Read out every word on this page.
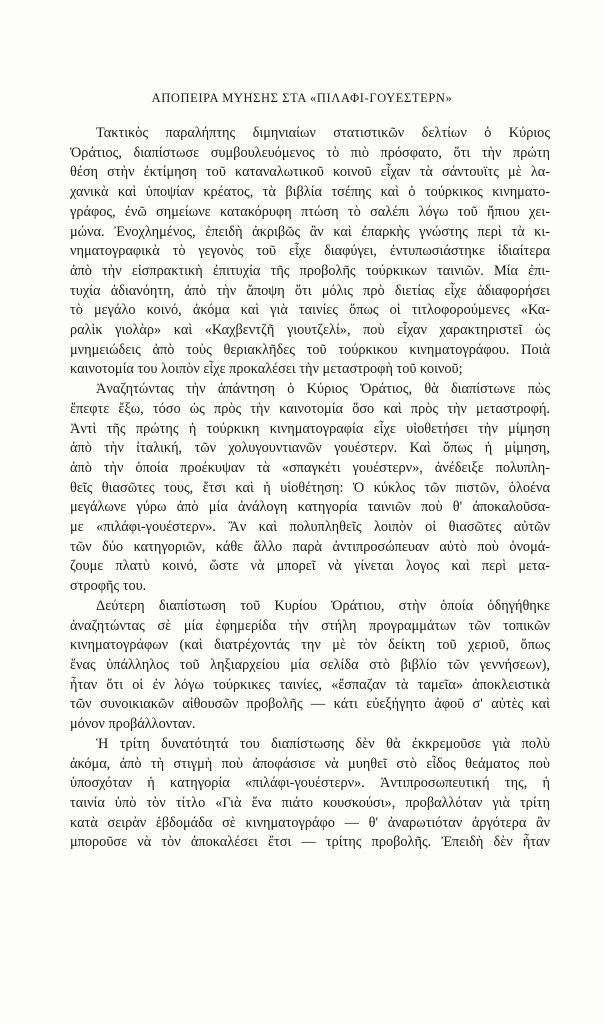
ΑΠΟΠΕΙΡΑ ΜΥΗΣΗΣ ΣΤΑ «ΠΙΛΑΦΙ-ΓΟΥΕΣΤΕΡΝ»

Τακτικὸς παραλήπτης διμηνιαίων στατιστικῶν δελτίων ὁ Κύριος
Ὁράτιος, διαπίστωσε συμβουλευόμενος τὸ πιὸ πρόσφατο, ὅτι τὴν πρώτη
θέση στὴν ἐκτίμηση τοῦ καταναλωτικοῦ κοινοῦ εἶχαν τὰ σάντουϊτς μὲ λα-
χανικὰ καὶ ὑποψίαν κρέατος, τὰ βιβλία τσέπης καὶ ὁ τούρκικος κινηματο-
γράφος, ἐνῶ σημείωνε κατακόρυφη πτώση τὸ σαλέπι λόγω τοῦ ἤπιου χει-
μώνα. Ἐνοχλημένος, ἐπειδὴ ἀκριβῶς ἂν καὶ ἐπαρκὴς γνώστης περὶ τὰ κι-
νηματογραφικὰ τὸ γεγονὸς τοῦ εἶχε διαφύγει, ἐντυπωσιάστηκε ἰδιαίτερα
ἀπὸ τὴν εἰσπρακτικὴ ἐπιτυχία τῆς προβολῆς τούρκικων ταινιῶν. Μία ἐπι-
τυχία ἀδιανόητη, ἀπὸ τὴν ἄποψη ὅτι μόλις πρὸ διετίας εἶχε ἀδιαφορήσει
τὸ μεγάλο κοινό, ἀκόμα καὶ γιὰ ταινίες ὅπως οἱ τιτλοφορούμενες «Κα-
ραλὶκ γιολὰρ» καὶ «Καχβεντζῆ γιουτζελί», ποὺ εἶχαν χαρακτηριστεῖ ὡς
μνημειώδεις ἀπὸ τοὺς θεριακλῆδες τοῦ τούρκικου κινηματογράφου. Ποιὰ
καινοτομία του λοιπὸν εἶχε προκαλέσει τὴν μεταστροφὴ τοῦ κοινοῦ;

Ἀναζητώντας τὴν ἀπάντηση ὁ Κύριος Ὁράτιος, θὰ διαπίστωνε πὼς
ἔπεφτε ἔξω, τόσο ὡς πρὸς τὴν καινοτομία ὅσο καὶ πρὸς τὴν μεταστροφή.
Ἀντὶ τῆς πρώτης ἡ τούρκικη κινηματογραφία εἶχε υἱοθετήσει τὴν μίμηση
ἀπὸ τὴν ἰταλική, τῶν χολυγουντιανῶν γουέστερν. Καὶ ὅπως ἡ μίμηση,
ἀπὸ τὴν ὁποία προέκυψαν τὰ «σπαγκέτι γουέστερν», ἀνέδειξε πολυπλη-
θεῖς θιασῶτες τους, ἔτσι καὶ ἡ υἱοθέτηση: Ὁ κύκλος τῶν πιστῶν, ὁλοένα
μεγάλωνε γύρω ἀπὸ μία ἀνάλογη κατηγορία ταινιῶν ποὺ θ' ἀποκαλοῦσα-
με «πιλάφι-γουέστερν». Ἂν καὶ πολυπληθεῖς λοιπὸν οἱ θιασῶτες αὐτῶν
τῶν δύο κατηγοριῶν, κάθε ἄλλο παρὰ ἀντιπροσώπευαν αὐτὸ ποὺ ὀνομά-
ζουμε πλατὺ κοινό, ὥστε νὰ μπορεῖ νὰ γίνεται λογος καὶ περὶ μετα-
στροφῆς του.

Δεύτερη διαπίστωση τοῦ Κυρίου Ὁράτιου, στὴν ὁποία ὁδηγήθηκε
ἀναζητώντας σὲ μία ἐφημερίδα τὴν στήλη προγραμμάτων τῶν τοπικῶν
κινηματογράφων (καὶ διατρέχοντάς την μὲ τὸν δείκτη τοῦ χεριοῦ, ὅπως
ἕνας ὑπάλληλος τοῦ ληξιαρχείου μία σελίδα στὸ βιβλίο τῶν γεννήσεων),
ἦταν ὅτι οἱ ἐν λόγω τούρκικες ταινίες, «ἔσπαζαν τὰ ταμεῖα» ἀποκλειστικὰ
τῶν συνοικιακῶν αἰθουσῶν προβολῆς — κάτι εὐεξήγητο ἀφοῦ σ' αὐτὲς καὶ
μόνον προβάλλονταν.

Ἡ τρίτη δυνατότητά του διαπίστωσης δὲν θὰ ἐκκρεμοῦσε γιὰ πολὺ
ἀκόμα, ἀπὸ τὴ στιγμὴ ποὺ ἀποφάσισε νὰ μυηθεῖ στὸ εἶδος θεάματος ποὺ
ὑποσχόταν ἡ κατηγορία «πιλάφι-γουέστερν». Ἀντιπροσωπευτική της, ἡ
ταινία ὑπὸ τὸν τίτλο «Γιὰ ἕνα πιάτο κουσκούσι», προβαλλόταν γιὰ τρίτη
κατὰ σειρὰν ἑβδομάδα σὲ κινηματογράφο — θ' ἀναρωτιόταν ἀργότερα ἂν
μποροῦσε νὰ τὸν ἀποκαλέσει ἔτσι — τρίτης προβολῆς. Ἐπειδὴ δὲν ἦταν
